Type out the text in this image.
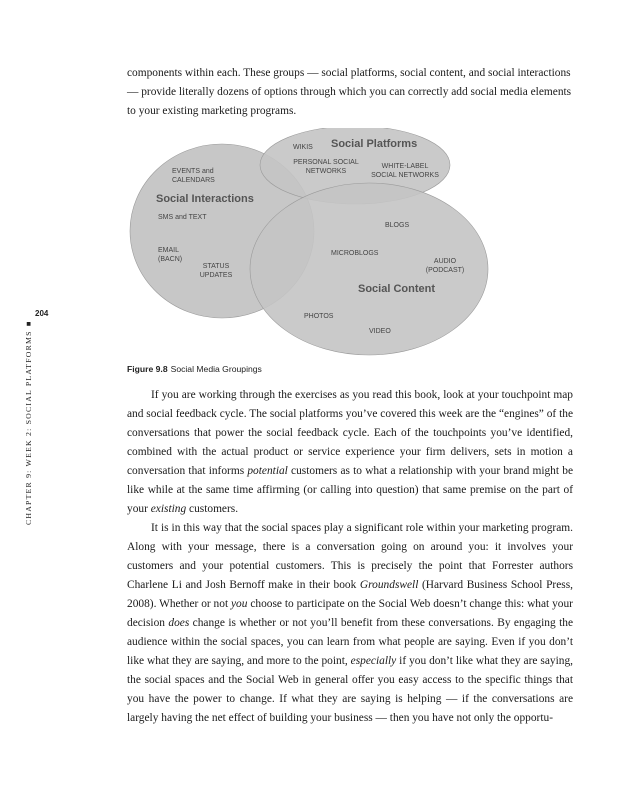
204
CHAPTER 9: WEEK 2: SOCIAL PLATFORMS■

components within each. These groups — social platforms, social content, and social interactions — provide literally dozens of options through which you can correctly add social media elements to your existing marketing programs.

Social Platforms
WIKIS
PERSONAL SOCIAL
NETWORKS
WHITE-LABEL
SOCIAL NETWORKS
EVENTS and
CALENDARS
Social Interactions
SMS and TEXT
EMAIL
(BACN)
STATUS
UPDATES
BLOGS
MICROBLOGS
AUDIO
(PODCAST)
Social Content
PHOTOS
VIDEO
Figure 9.8 Social Media Groupings

If you are working through the exercises as you read this book, look at your touchpoint map and social feedback cycle. The social platforms you’ve covered this week are the “engines” of the conversations that power the social feedback cycle. Each of the touchpoints you’ve identified, combined with the actual product or service experience your firm delivers, sets in motion a conversation that informs potential customers as to what a relationship with your brand might be like while at the same time affirming (or calling into question) that same premise on the part of your existing customers.

It is in this way that the social spaces play a significant role within your marketing program. Along with your message, there is a conversation going on around you: it involves your customers and your potential customers. This is precisely the point that Forrester authors Charlene Li and Josh Bernoff make in their book Groundswell (Harvard Business School Press, 2008). Whether or not you choose to participate on the Social Web doesn’t change this: what your decision does change is whether or not you’ll benefit from these conversations. By engaging the audience within the social spaces, you can learn from what people are saying. Even if you don’t like what they are saying, and more to the point, especially if you don’t like what they are saying, the social spaces and the Social Web in general offer you easy access to the specific things that you have the power to change. If what they are saying is helping — if the conversations are largely having the net effect of building your business — then you have not only the opportu-
